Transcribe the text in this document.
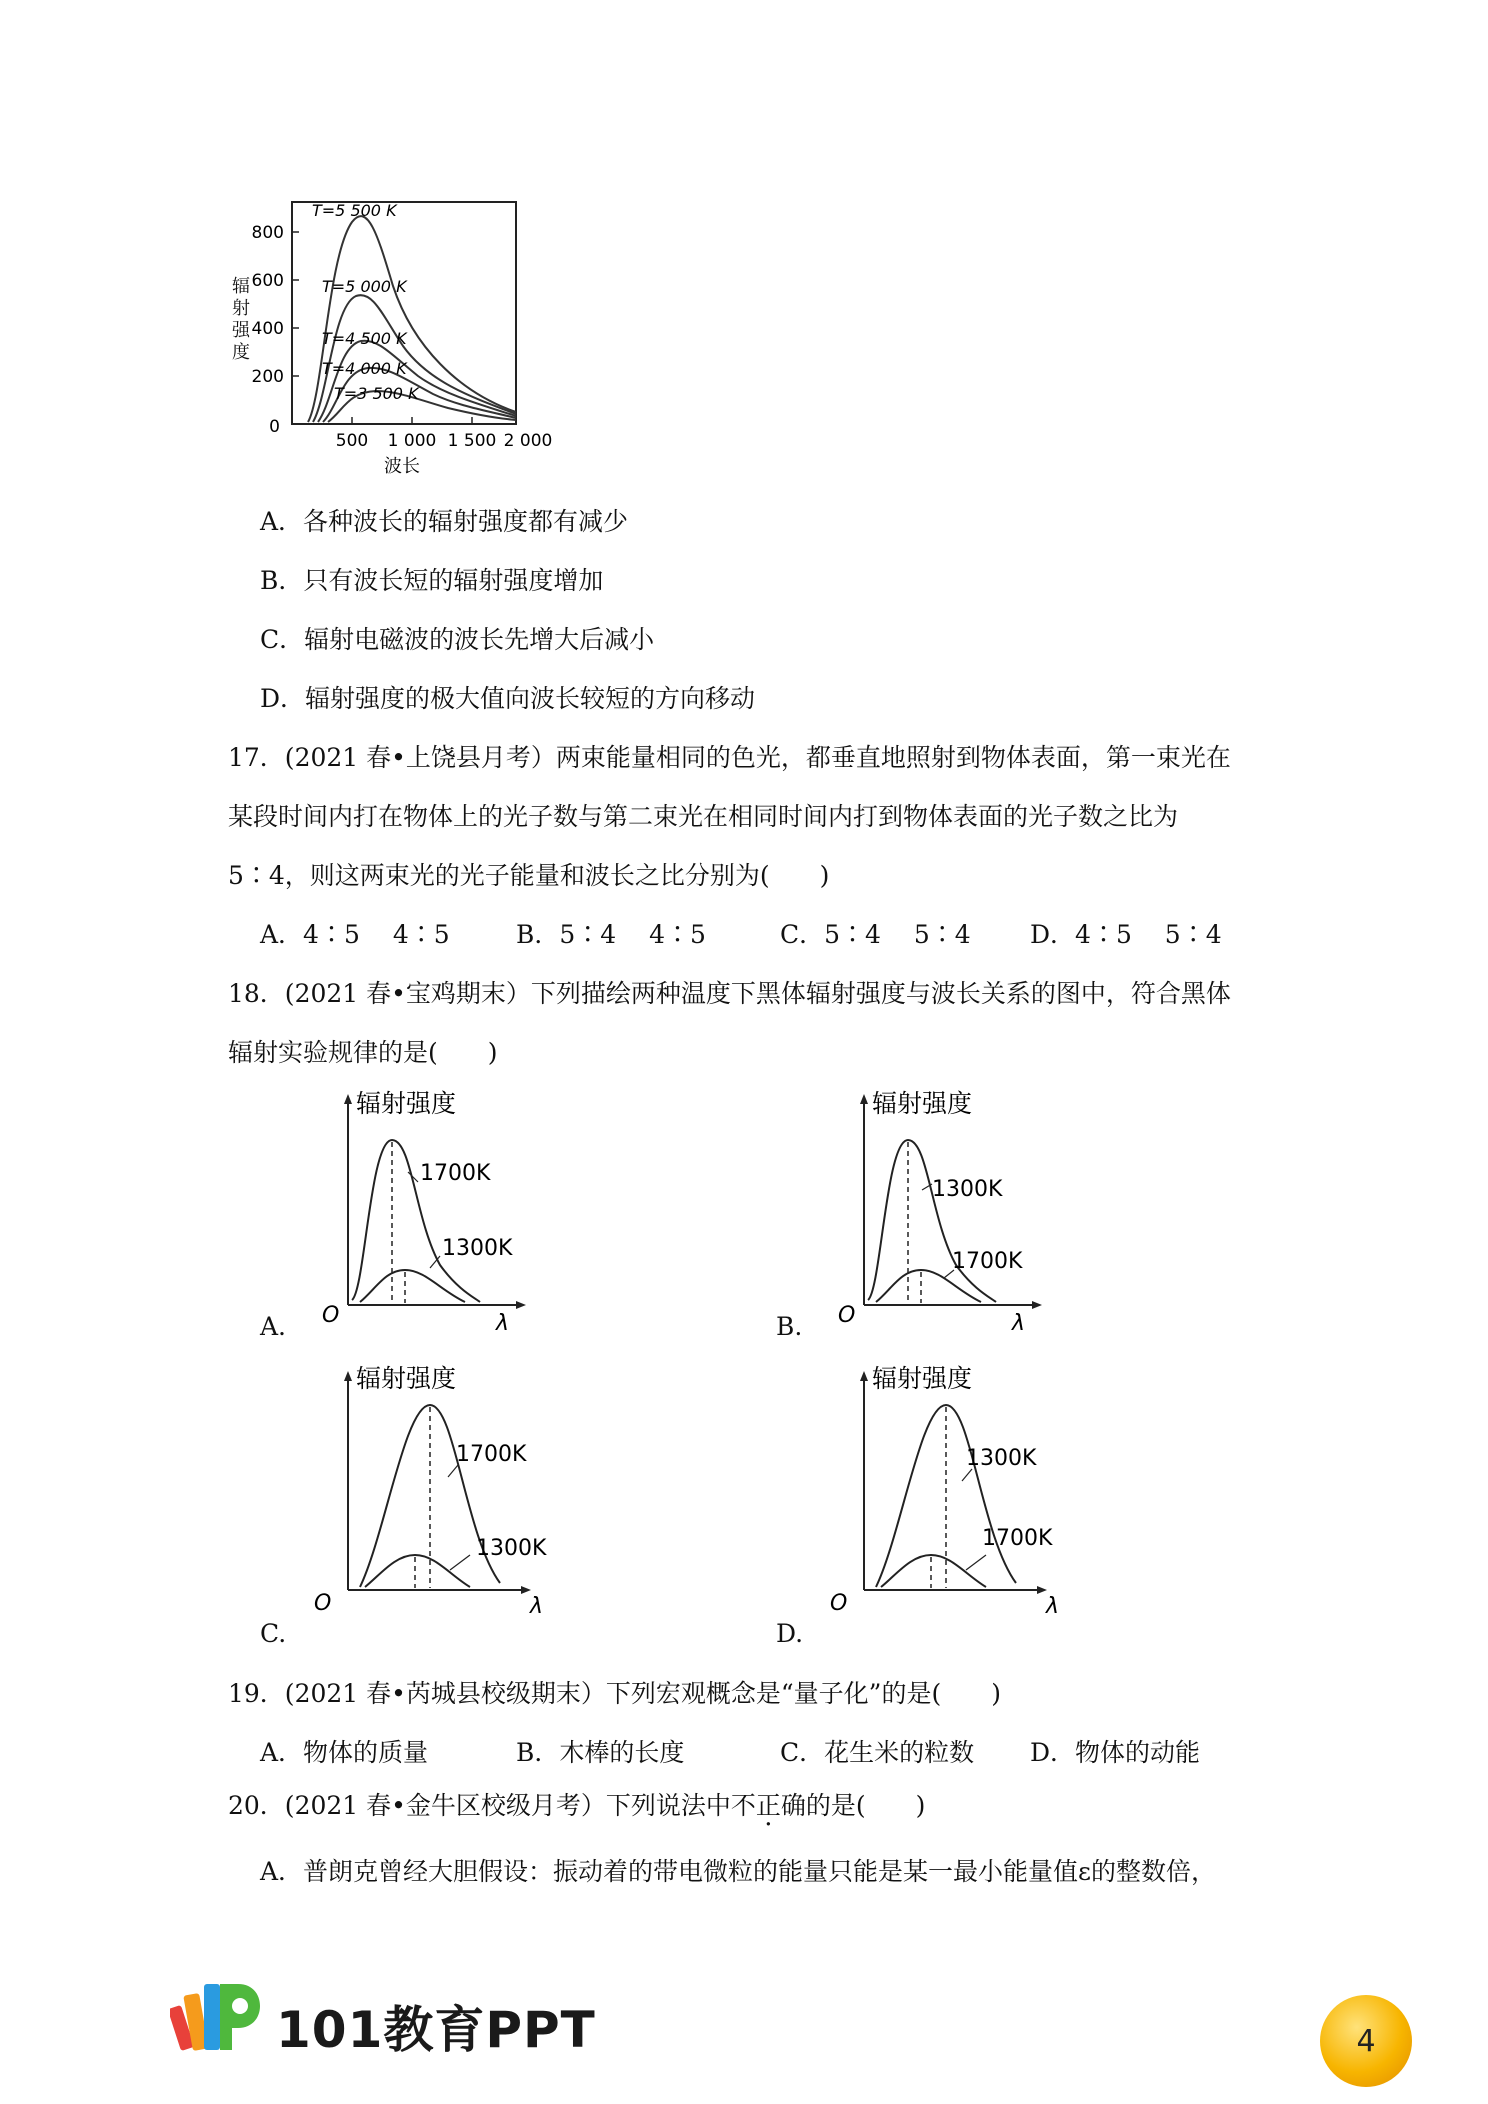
800
600
400
200
0
500 1 000 1 500 2 000
波长
T=5 500 K
T=5 000 K
T=4 500 K
T=4 000 K
T=3 500 K
辐射强度
A．各种波长的辐射强度都有减少
B．只有波长短的辐射强度增加
C．辐射电磁波的波长先增大后减小
D．辐射强度的极大值向波长较短的方向移动
17．(2021 春•上饶县月考）两束能量相同的色光，都垂直地照射到物体表面，第一束光在
某段时间内打在物体上的光子数与第二束光在相同时间内打到物体表面的光子数之比为
5∶4，则这两束光的光子能量和波长之比分别为(　　)
A．4∶5　 4∶5	B．5∶4　 4∶5	C．5∶4　 5∶4 D．4∶5　 5∶4
18．(2021 春•宝鸡期末）下列描绘两种温度下黑体辐射强度与波长关系的图中，符合黑体
辐射实验规律的是(　　)
辐射强度
1700K
1300K
O	λ
A.
辐射强度
1300K
1700K
O	λ
B.
辐射强度
1700K
1300K
O	λ
C.
辐射强度
1300K
1700K
O	λ
D.
19．(2021 春•芮城县校级期末）下列宏观概念是“量子化”的是(　　)
A．物体的质量	B．木棒的长度	C．花生米的粒数 D．物体的动能
20．(2021 春•金牛区校级月考）下列说法中不正确的是(　　)
A．普朗克曾经大胆假设：振动着的带电微粒的能量只能是某一最小能量值ε的整数倍，
101教育PPT	4
